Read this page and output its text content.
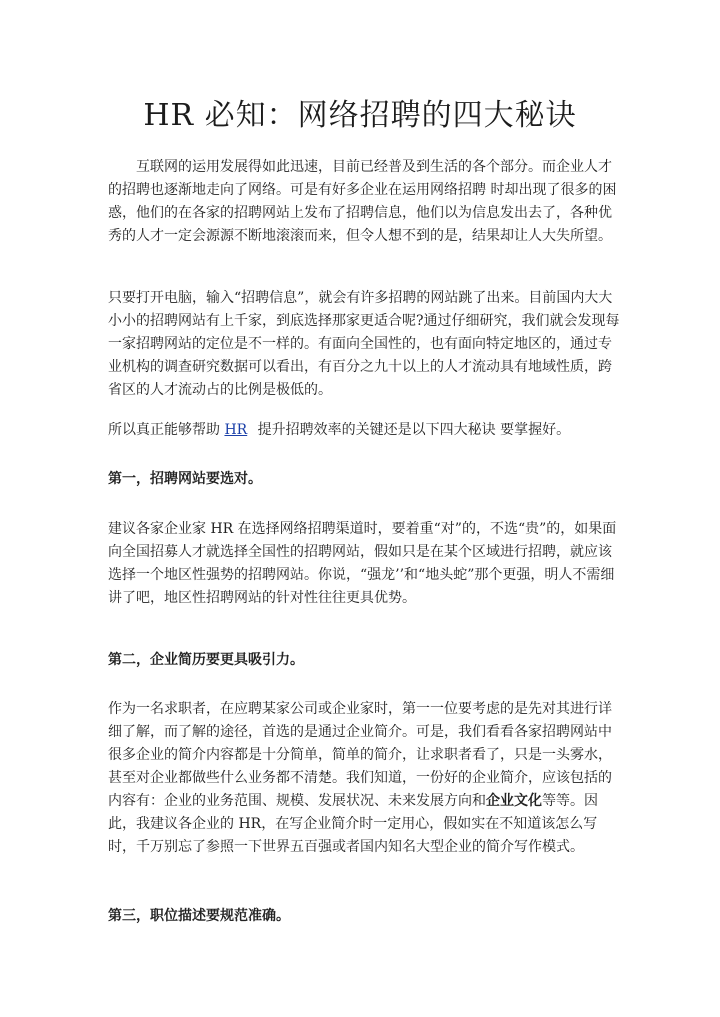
HR 必知：网络招聘的四大秘诀

互联网的运用发展得如此迅速，目前已经普及到生活的各个部分。而企业人才的招聘也逐渐地走向了网络。可是有好多企业在运用网络招聘 时却出现了很多的困惑，他们的在各家的招聘网站上发布了招聘信息，他们以为信息发出去了，各种优秀的人才一定会源源不断地滚滚而来，但令人想不到的是，结果却让人大失所望。

只要打开电脑，输入“招聘信息”，就会有许多招聘的网站跳了出来。目前国内大大小小的招聘网站有上千家，到底选择那家更适合呢?通过仔细研究，我们就会发现每一家招聘网站的定位是不一样的。有面向全国性的，也有面向特定地区的，通过专业机构的调查研究数据可以看出，有百分之九十以上的人才流动具有地域性质，跨省区的人才流动占的比例是极低的。

所以真正能够帮助 HR 提升招聘效率的关键还是以下四大秘诀 要掌握好。

第一，招聘网站要选对。

建议各家企业家 HR 在选择网络招聘渠道时，要着重“对”的，不选“贵”的，如果面向全国招募人才就选择全国性的招聘网站，假如只是在某个区域进行招聘，就应该选择一个地区性强势的招聘网站。你说，“强龙’’和“地头蛇”那个更强，明人不需细讲了吧，地区性招聘网站的针对性往往更具优势。

第二，企业简历要更具吸引力。

作为一名求职者，在应聘某家公司或企业家时，第一一位要考虑的是先对其进行详细了解，而了解的途径，首选的是通过企业简介。可是，我们看看各家招聘网站中很多企业的简介内容都是十分简单，简单的简介，让求职者看了，只是一头雾水，甚至对企业都做些什么业务都不清楚。我们知道，一份好的企业简介，应该包括的内容有：企业的业务范围、规模、发展状况、未来发展方向和企业文化等等。因此，我建议各企业的 HR，在写企业简介时一定用心，假如实在不知道该怎么写时，千万别忘了参照一下世界五百强或者国内知名大型企业的简介写作模式。

第三，职位描述要规范准确。
